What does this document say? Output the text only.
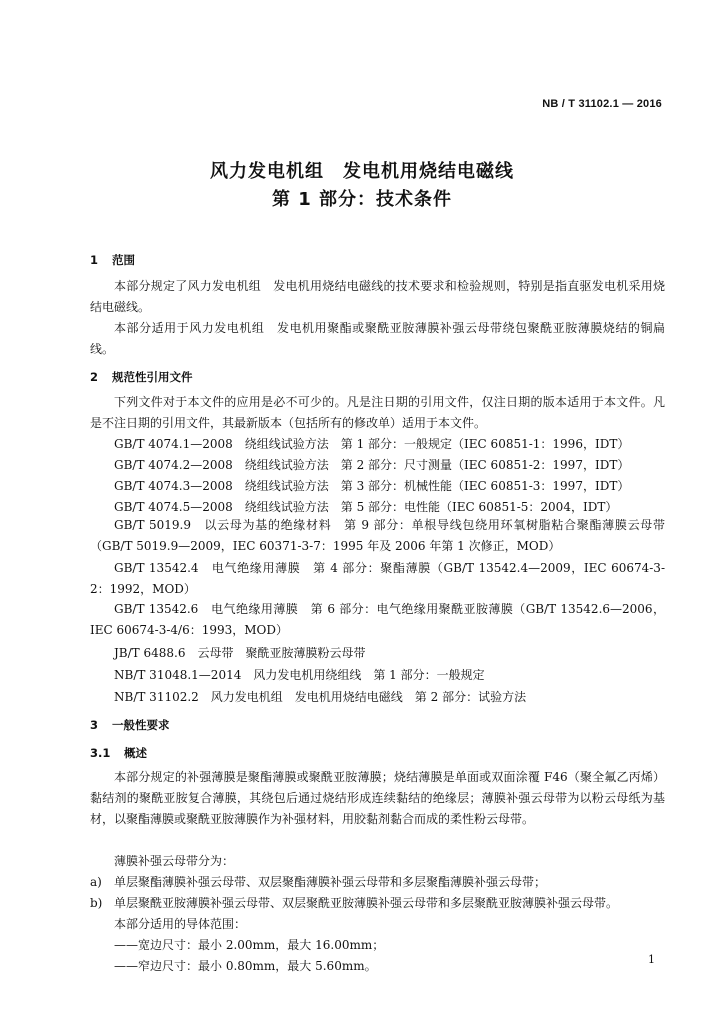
NB / T 31102.1 — 2016
风力发电机组　发电机用烧结电磁线
第 1 部分：技术条件
1 范围
本部分规定了风力发电机组　发电机用烧结电磁线的技术要求和检验规则，特别是指直驱发电机采用烧结电磁线。
本部分适用于风力发电机组　发电机用聚酯或聚酰亚胺薄膜补强云母带绕包聚酰亚胺薄膜烧结的铜扁线。
2 规范性引用文件
下列文件对于本文件的应用是必不可少的。凡是注日期的引用文件，仅注日期的版本适用于本文件。凡是不注日期的引用文件，其最新版本（包括所有的修改单）适用于本文件。
GB/T 4074.1—2008　绕组线试验方法　第 1 部分：一般规定（IEC 60851-1：1996，IDT）
GB/T 4074.2—2008　绕组线试验方法　第 2 部分：尺寸测量（IEC 60851-2：1997，IDT）
GB/T 4074.3—2008　绕组线试验方法　第 3 部分：机械性能（IEC 60851-3：1997，IDT）
GB/T 4074.5—2008　绕组线试验方法　第 5 部分：电性能（IEC 60851-5：2004，IDT）
GB/T 5019.9　以云母为基的绝缘材料　第 9 部分：单根导线包绕用环氧树脂粘合聚酯薄膜云母带（GB/T 5019.9—2009，IEC 60371-3-7：1995 年及 2006 年第 1 次修正，MOD）
GB/T 13542.4　电气绝缘用薄膜　第 4 部分：聚酯薄膜（GB/T 13542.4—2009，IEC 60674-3-2：1992，MOD）
GB/T 13542.6　电气绝缘用薄膜　第 6 部分：电气绝缘用聚酰亚胺薄膜（GB/T 13542.6—2006，IEC 60674-3-4/6：1993，MOD）
JB/T 6488.6　云母带　聚酰亚胺薄膜粉云母带
NB/T 31048.1—2014　风力发电机用绕组线　第 1 部分：一般规定
NB/T 31102.2　风力发电机组　发电机用烧结电磁线　第 2 部分：试验方法
3 一般性要求
3.1 概述
本部分规定的补强薄膜是聚酯薄膜或聚酰亚胺薄膜；烧结薄膜是单面或双面涂覆 F46（聚全氟乙丙烯）黏结剂的聚酰亚胺复合薄膜，其绕包后通过烧结形成连续黏结的绝缘层；薄膜补强云母带为以粉云母纸为基材，以聚酯薄膜或聚酰亚胺薄膜作为补强材料，用胶黏剂黏合而成的柔性粉云母带。
薄膜补强云母带分为：
a) 单层聚酯薄膜补强云母带、双层聚酯薄膜补强云母带和多层聚酯薄膜补强云母带；
b) 单层聚酰亚胺薄膜补强云母带、双层聚酰亚胺薄膜补强云母带和多层聚酰亚胺薄膜补强云母带。
本部分适用的导体范围：
——宽边尺寸：最小 2.00mm，最大 16.00mm；
——窄边尺寸：最小 0.80mm，最大 5.60mm。	1
